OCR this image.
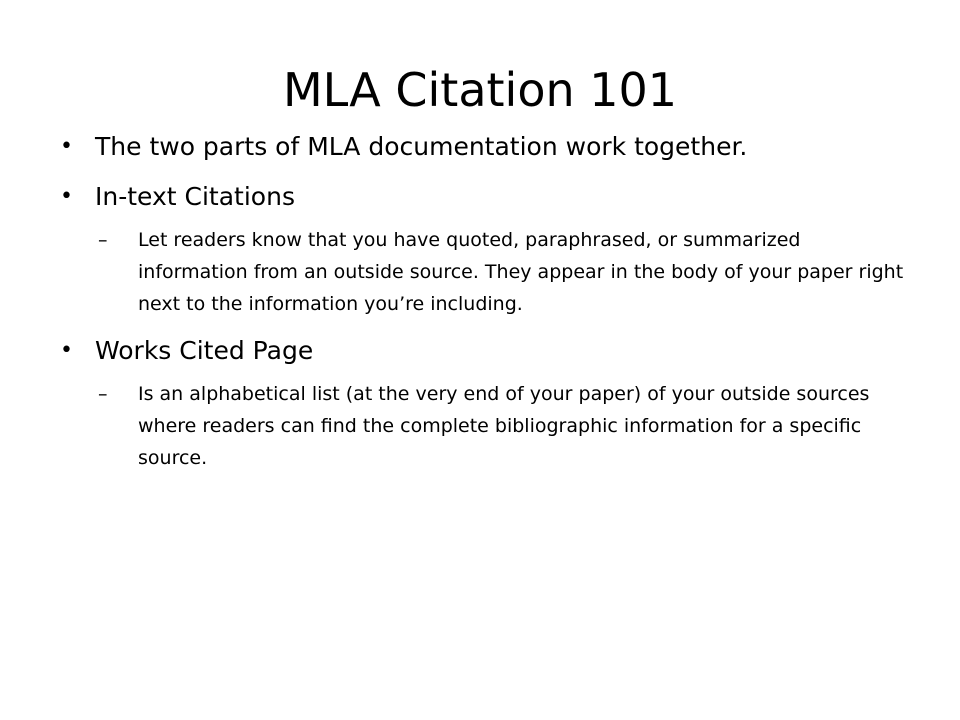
MLA Citation 101
• The two parts of MLA documentation work together.
• In-text Citations
– Let readers know that you have quoted, paraphrased, or summarized information from an outside source. They appear in the body of your paper right next to the information you’re including.
• Works Cited Page
– Is an alphabetical list (at the very end of your paper) of your outside sources where readers can find the complete bibliographic information for a specific source.
